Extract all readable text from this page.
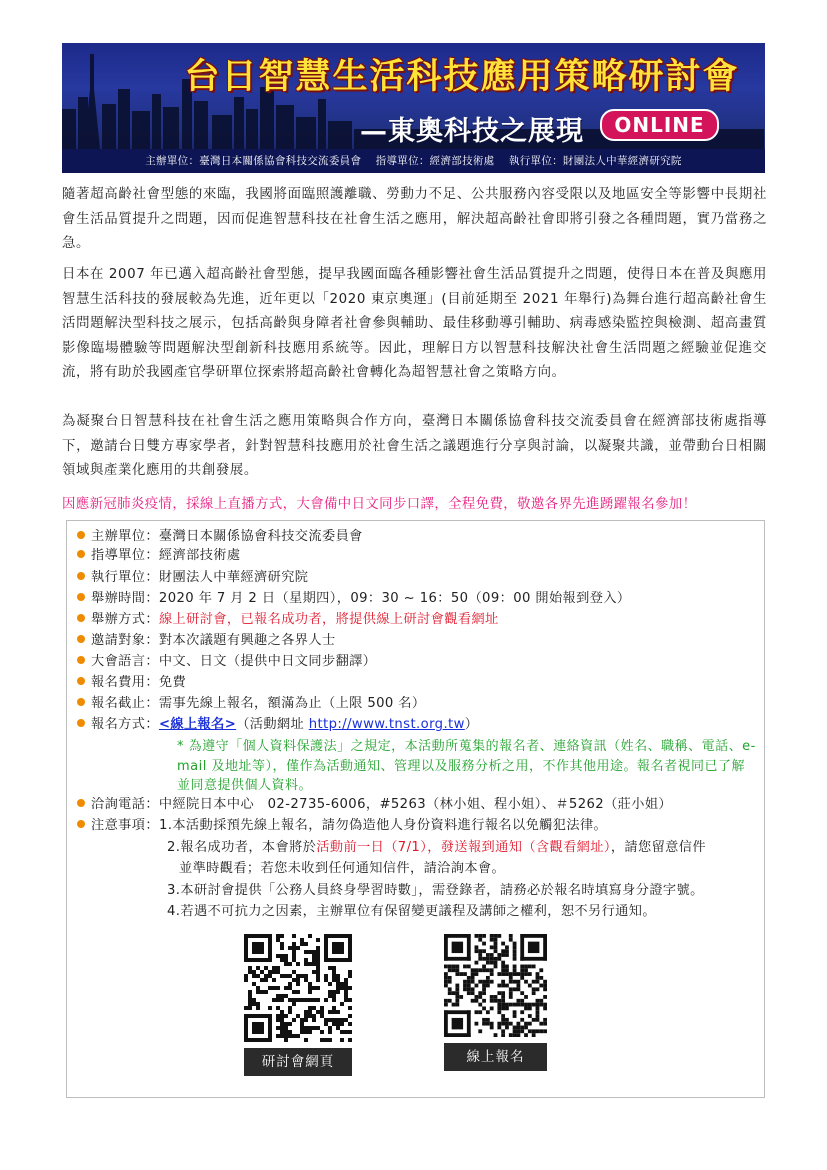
台日智慧生活科技應用策略研討會
—東奧科技之展現	ONLINE
主辦單位：臺灣日本關係協會科技交流委員會　 指導單位：經濟部技術處　 執行單位：財團法人中華經濟研究院
隨著超高齡社會型態的來臨，我國將面臨照護離職、勞動力不足、公共服務內容受限以及地區安全等影響中長期社會生活品質提升之問題，因而促進智慧科技在社會生活之應用，解決超高齡社會即將引發之各種問題，實乃當務之急。
日本在 2007 年已邁入超高齡社會型態，提早我國面臨各種影響社會生活品質提升之問題，使得日本在普及與應用智慧生活科技的發展較為先進，近年更以「2020 東京奧運」(目前延期至 2021 年舉行)為舞台進行超高齡社會生活問題解決型科技之展示，包括高齡與身障者社會參與輔助、最佳移動導引輔助、病毒感染監控與檢測、超高畫質影像臨場體驗等問題解決型創新科技應用系統等。因此，理解日方以智慧科技解決社會生活問題之經驗並促進交流，將有助於我國產官學研單位探索將超高齡社會轉化為超智慧社會之策略方向。
為凝聚台日智慧科技在社會生活之應用策略與合作方向，臺灣日本關係協會科技交流委員會在經濟部技術處指導下，邀請台日雙方專家學者，針對智慧科技應用於社會生活之議題進行分享與討論，以凝聚共識，並帶動台日相關領域與產業化應用的共創發展。
因應新冠肺炎疫情，採線上直播方式，大會備中日文同步口譯，全程免費，敬邀各界先進踴躍報名參加！
主辦單位：臺灣日本關係協會科技交流委員會
指導單位：經濟部技術處
執行單位：財團法人中華經濟研究院
舉辦時間：2020 年 7 月 2 日（星期四），09：30 ~ 16：50（09：00 開始報到登入）
舉辦方式：線上研討會，已報名成功者，將提供線上研討會觀看網址
邀請對象：對本次議題有興趣之各界人士
大會語言：中文、日文（提供中日文同步翻譯）
報名費用：免費
報名截止：需事先線上報名，額滿為止（上限 500 名）
報名方式：<線上報名>（活動網址 http://www.tnst.org.tw）
* 為遵守「個人資料保護法」之規定，本活動所蒐集的報名者、連絡資訊（姓名、職稱、電話、e-mail 及地址等），僅作為活動通知、管理以及服務分析之用，不作其他用途。報名者視同已了解並同意提供個人資料。
洽詢電話：中經院日本中心　02-2735-6006，#5263（林小姐、程小姐）、＃5262（莊小姐）
注意事項：1.本活動採預先線上報名，請勿偽造他人身份資料進行報名以免觸犯法律。
2.報名成功者，本會將於活動前一日（7/1），發送報到通知（含觀看網址），請您留意信件
並準時觀看；若您未收到任何通知信件，請洽詢本會。
3.本研討會提供「公務人員終身學習時數」，需登錄者，請務必於報名時填寫身分證字號。
4.若遇不可抗力之因素，主辦單位有保留變更議程及講師之權利，恕不另行通知。
研討會網頁	線上報名
